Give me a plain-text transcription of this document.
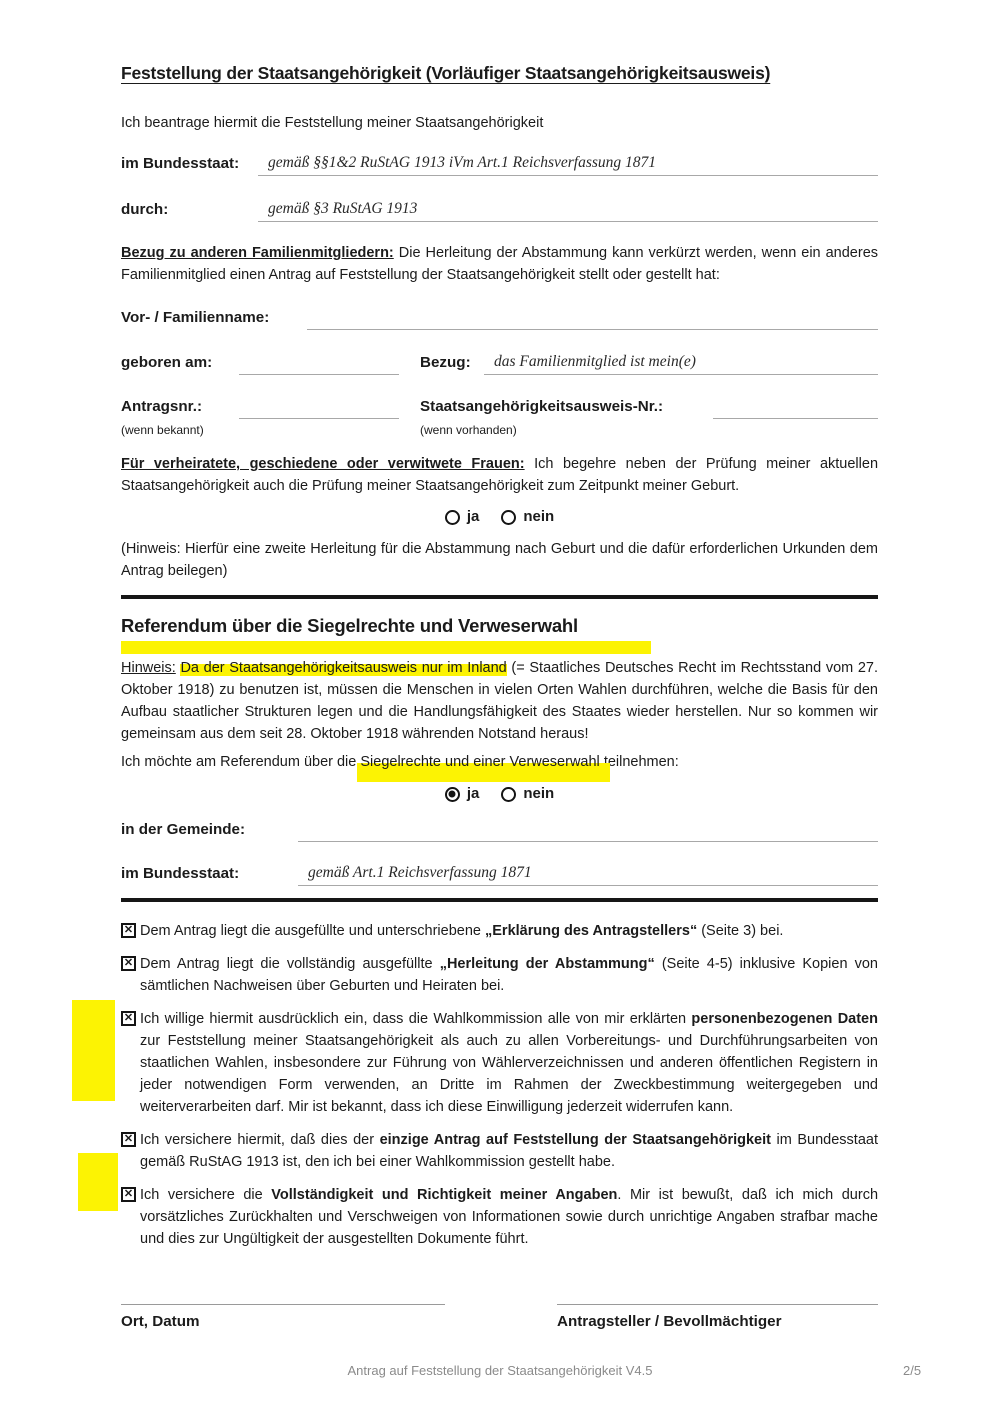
Feststellung der Staatsangehörigkeit (Vorläufiger Staatsangehörigkeitsausweis)
Ich beantrage hiermit die Feststellung meiner Staatsangehörigkeit
im Bundesstaat:	gemäß §§1&2 RuStAG 1913 iVm Art.1 Reichsverfassung 1871
durch:	gemäß §3 RuStAG 1913

Bezug zu anderen Familienmitgliedern: Die Herleitung der Abstammung kann verkürzt werden, wenn ein anderes Familienmitglied einen Antrag auf Feststellung der Staatsangehörigkeit stellt oder gestellt hat:

Vor- / Familienname:
geboren am:	Bezug:	das Familienmitglied ist mein(e)
Antragsnr.:	Staatsangehörigkeitsausweis-Nr.:
(wenn bekannt)	(wenn vorhanden)

Für verheiratete, geschiedene oder verwitwete Frauen: Ich begehre neben der Prüfung meiner aktuellen Staatsangehörigkeit auch die Prüfung meiner Staatsangehörigkeit zum Zeitpunkt meiner Geburt.

ja	nein

(Hinweis: Hierfür eine zweite Herleitung für die Abstammung nach Geburt und die dafür erforderlichen Urkunden dem Antrag beilegen)

Referendum über die Siegelrechte und Verweserwahl

Hinweis: Da der Staatsangehörigkeitsausweis nur im Inland (= Staatliches Deutsches Recht im Rechtsstand vom 27. Oktober 1918) zu benutzen ist, müssen die Menschen in vielen Orten Wahlen durchführen, welche die Basis für den Aufbau staatlicher Strukturen legen und die Handlungsfähigkeit des Staates wieder herstellen. Nur so kommen wir gemeinsam aus dem seit 28. Oktober 1918 währenden Notstand heraus!

Ich möchte am Referendum über die Siegelrechte und einer Verweserwahl teilnehmen:

ja	nein
in der Gemeinde:
im Bundesstaat:	gemäß Art.1 Reichsverfassung 1871
✕ Dem Antrag liegt die ausgefüllte und unterschriebene „Erklärung des Antragstellers“ (Seite 3) bei.
✕ Dem Antrag liegt die vollständig ausgefüllte „Herleitung der Abstammung“ (Seite 4-5) inklusive Kopien von sämtlichen Nachweisen über Geburten und Heiraten bei.
✕ Ich willige hiermit ausdrücklich ein, dass die Wahlkommission alle von mir erklärten personenbezogenen Daten zur Feststellung meiner Staatsangehörigkeit als auch zu allen Vorbereitungs- und Durchführungsarbeiten von staatlichen Wahlen, insbesondere zur Führung von Wählerverzeichnissen und anderen öffentlichen Registern in jeder notwendigen Form verwenden, an Dritte im Rahmen der Zweckbestimmung weitergegeben und weiterverarbeiten darf. Mir ist bekannt, dass ich diese Einwilligung jederzeit widerrufen kann.
✕ Ich versichere hiermit, daß dies der einzige Antrag auf Feststellung der Staatsangehörigkeit im Bundesstaat gemäß RuStAG 1913 ist, den ich bei einer Wahlkommission gestellt habe.
✕ Ich versichere die Vollständigkeit und Richtigkeit meiner Angaben. Mir ist bewußt, daß ich mich durch vorsätzliches Zurückhalten und Verschweigen von Informationen sowie durch unrichtige Angaben strafbar mache und dies zur Ungültigkeit der ausgestellten Dokumente führt.
Ort, Datum	Antragsteller / Bevollmächtiger
Antrag auf Feststellung der Staatsangehörigkeit V4.5	2/5
